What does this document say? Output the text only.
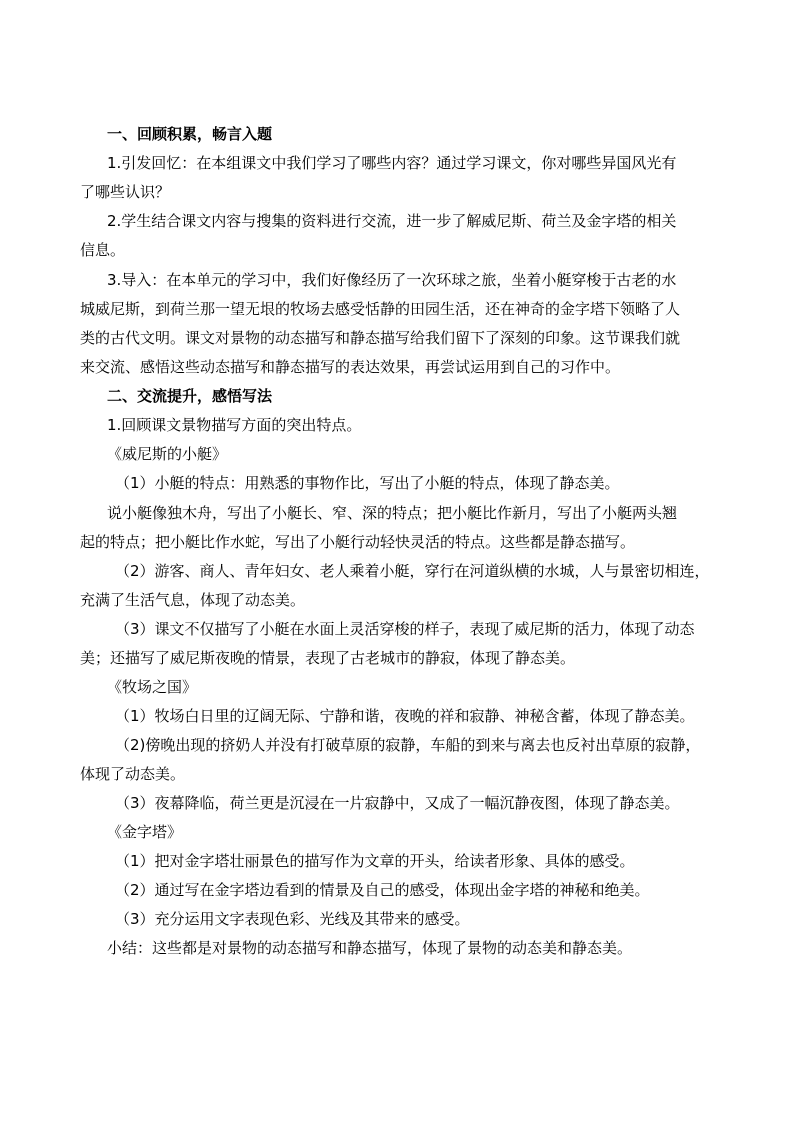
一、回顾积累，畅言入题
1.引发回忆：在本组课文中我们学习了哪些内容？通过学习课文，你对哪些异国风光有
了哪些认识？
2.学生结合课文内容与搜集的资料进行交流，进一步了解威尼斯、荷兰及金字塔的相关
信息。
3.导入：在本单元的学习中，我们好像经历了一次环球之旅，坐着小艇穿梭于古老的水
城威尼斯，到荷兰那一望无垠的牧场去感受恬静的田园生活，还在神奇的金字塔下领略了人
类的古代文明。课文对景物的动态描写和静态描写给我们留下了深刻的印象。这节课我们就
来交流、感悟这些动态描写和静态描写的表达效果，再尝试运用到自己的习作中。
二、交流提升，感悟写法
1.回顾课文景物描写方面的突出特点。
《威尼斯的小艇》
（1）小艇的特点：用熟悉的事物作比，写出了小艇的特点，体现了静态美。
说小艇像独木舟，写出了小艇长、窄、深的特点；把小艇比作新月，写出了小艇两头翘
起的特点；把小艇比作水蛇，写出了小艇行动轻快灵活的特点。这些都是静态描写。
（2）游客、商人、青年妇女、老人乘着小艇，穿行在河道纵横的水城，人与景密切相连，
充满了生活气息，体现了动态美。
（3）课文不仅描写了小艇在水面上灵活穿梭的样子，表现了威尼斯的活力，体现了动态
美；还描写了威尼斯夜晚的情景，表现了古老城市的静寂，体现了静态美。
《牧场之国》
（1）牧场白日里的辽阔无际、宁静和谐，夜晚的祥和寂静、神秘含蓄，体现了静态美。
（2)傍晚出现的挤奶人并没有打破草原的寂静，车船的到来与离去也反衬出草原的寂静，
体现了动态美。
（3）夜幕降临，荷兰更是沉浸在一片寂静中，又成了一幅沉静夜图，体现了静态美。
《金字塔》
（1）把对金字塔壮丽景色的描写作为文章的开头，给读者形象、具体的感受。
（2）通过写在金字塔边看到的情景及自己的感受，体现出金字塔的神秘和绝美。
（3）充分运用文字表现色彩、光线及其带来的感受。
小结：这些都是对景物的动态描写和静态描写，体现了景物的动态美和静态美。
